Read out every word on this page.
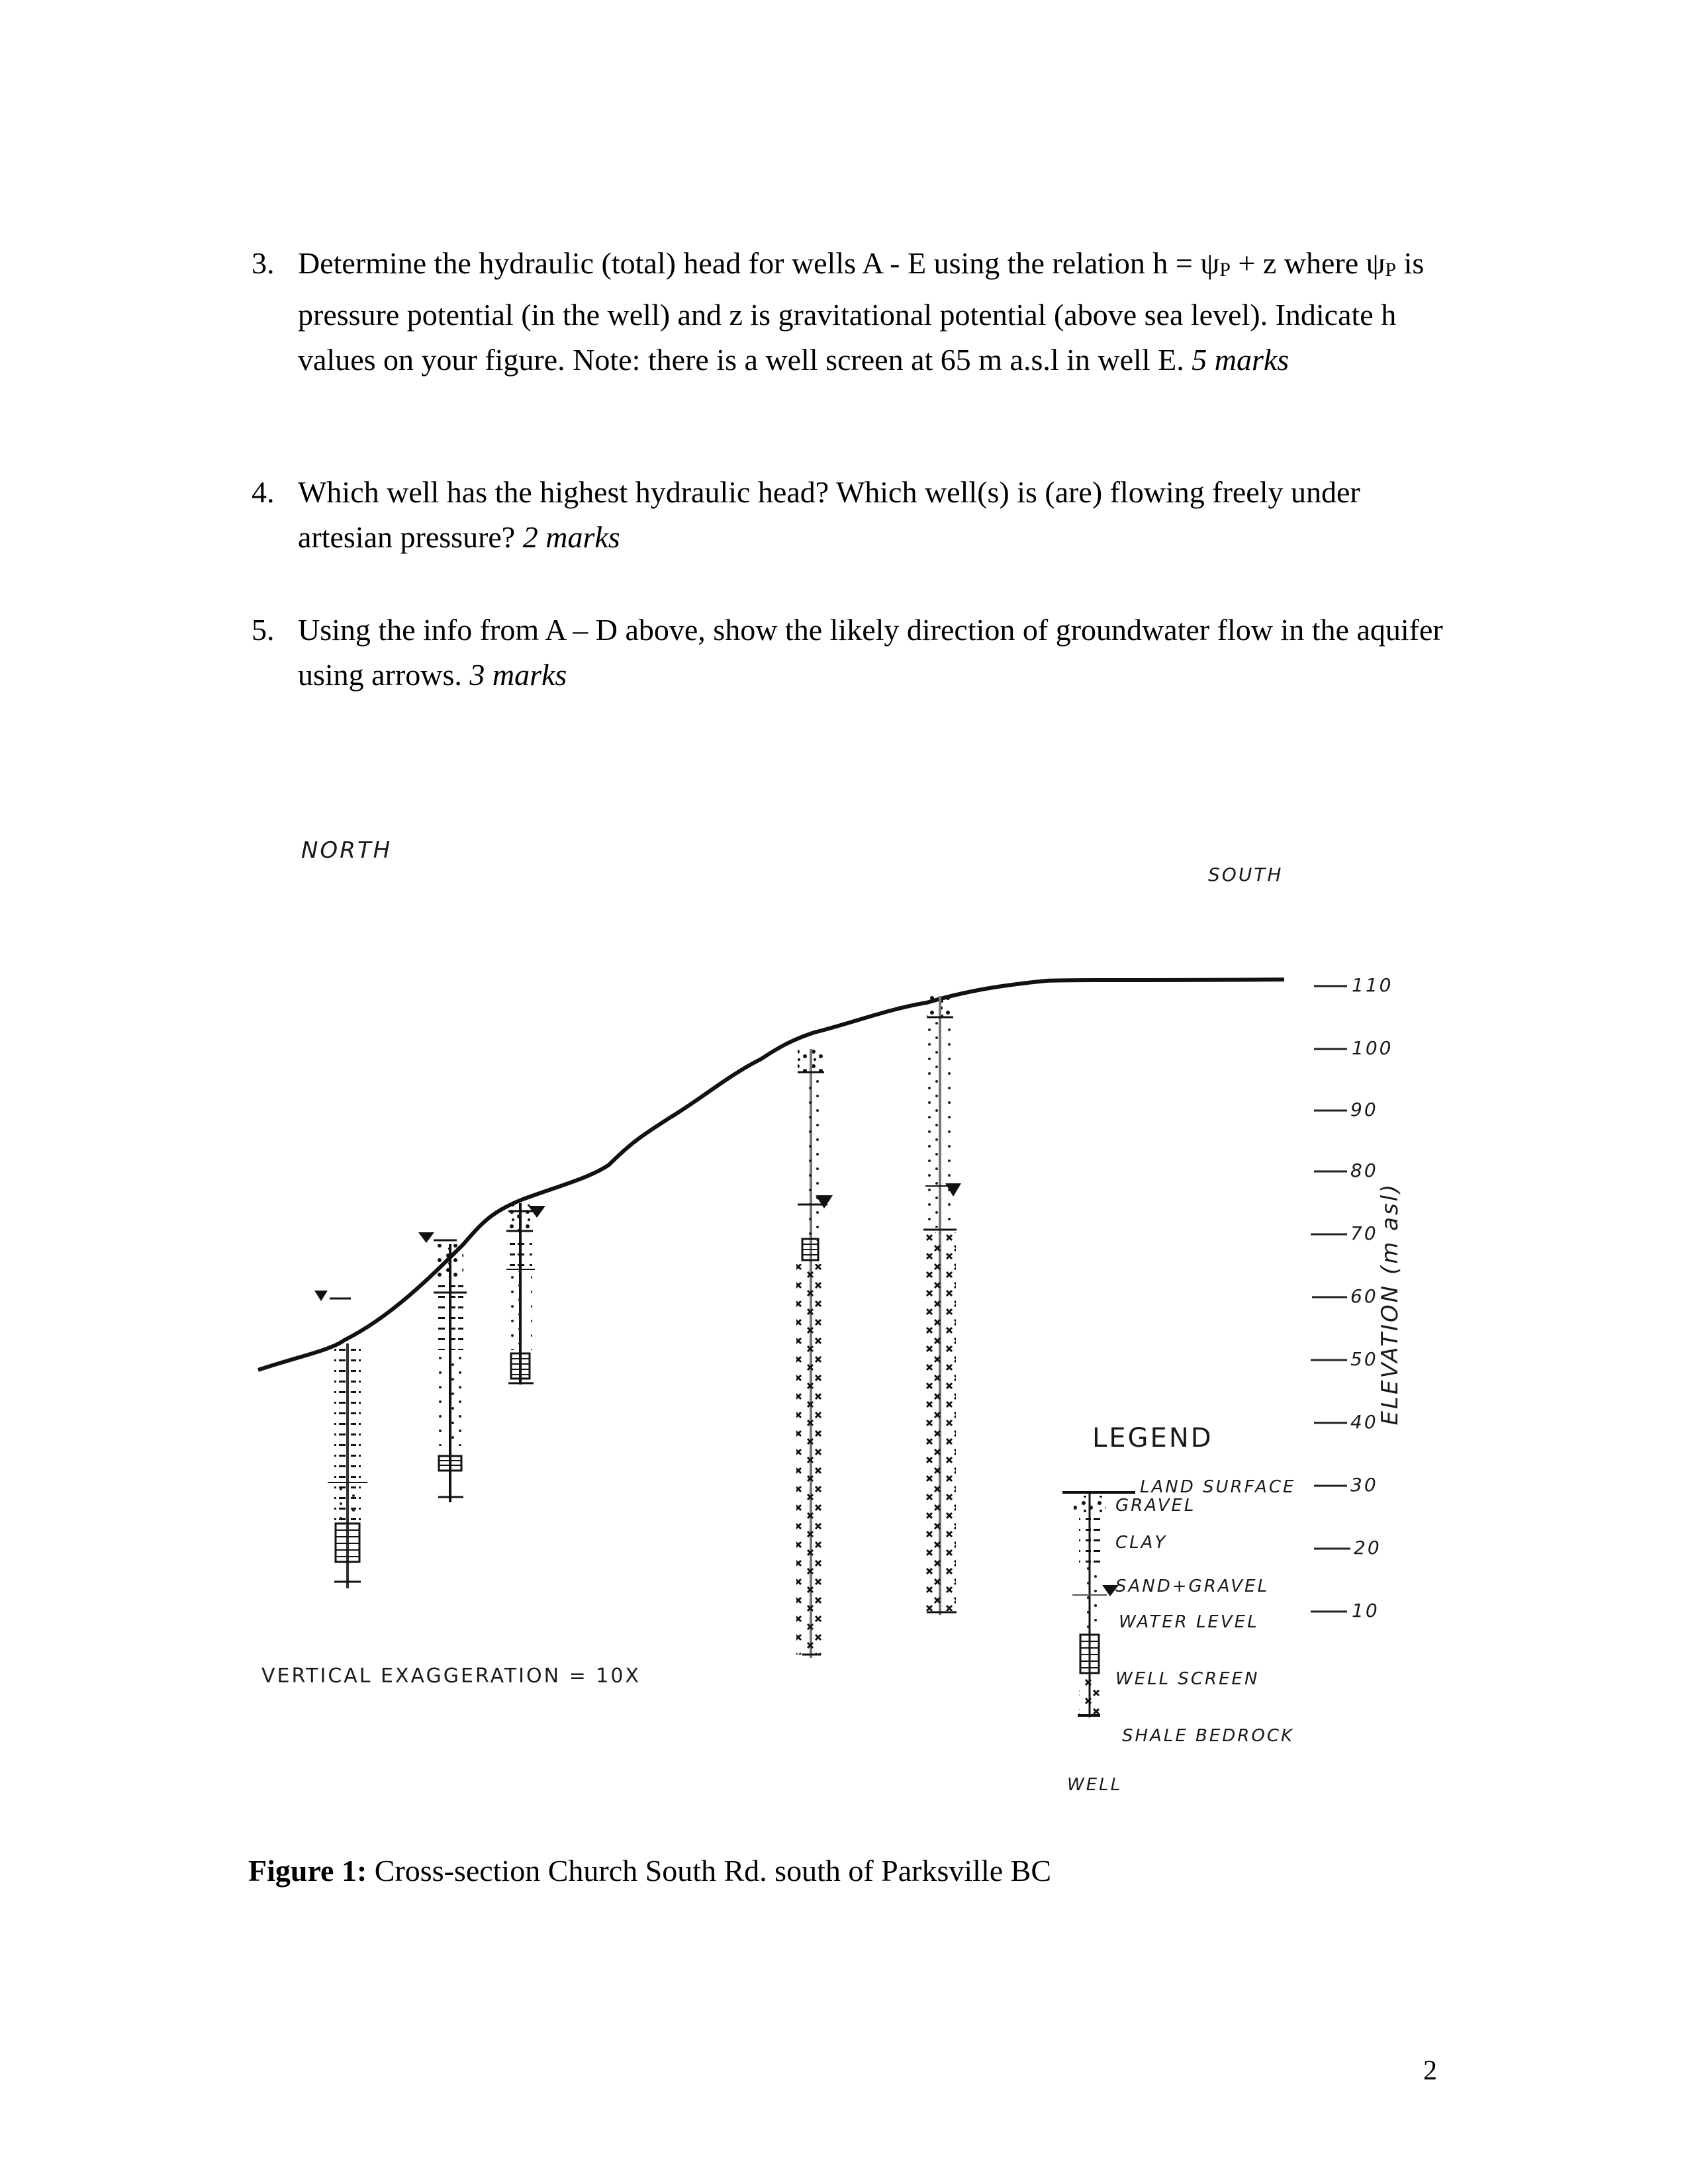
3. Determine the hydraulic (total) head for wells A - E using the relation h = ψP + z where ψP is pressure potential (in the well) and z is gravitational potential (above sea level). Indicate h values on your figure. Note: there is a well screen at 65 m a.s.l in well E. 5 marks
4. Which well has the highest hydraulic head? Which well(s) is (are) flowing freely under artesian pressure? 2 marks
5. Using the info from A – D above, show the likely direction of groundwater flow in the aquifer using arrows. 3 marks
NORTH
SOUTH
110
100
90
80
70
60
50
40
30
20
10
ELEVATION (m asl)
LEGEND
LAND SURFACE
GRAVEL
CLAY
SAND+GRAVEL
WATER LEVEL
WELL SCREEN
SHALE BEDROCK
WELL
VERTICAL EXAGGERATION = 10X
Figure 1: Cross-section Church South Rd. south of Parksville BC
2
